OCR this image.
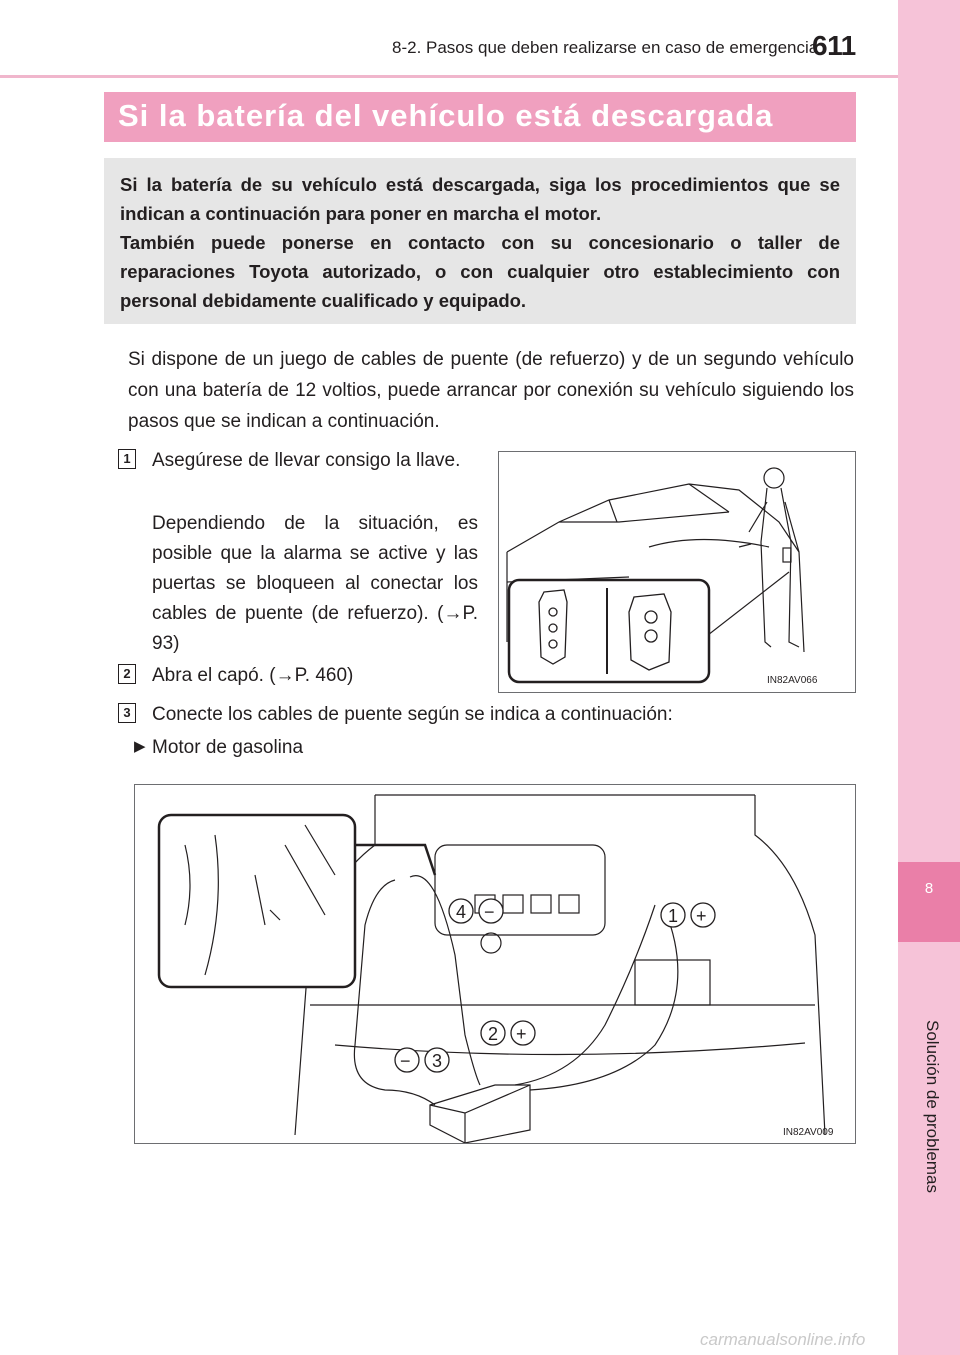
8-2. Pasos que deben realizarse en caso de emergencia
611
8
Solución de problemas
Si la batería del vehículo está descargada

Si la batería de su vehículo está descargada, siga los procedimientos que se indican a continuación para poner en marcha el motor.

También puede ponerse en contacto con su concesionario o taller de reparaciones Toyota autorizado, o con cualquier otro establecimiento con personal debidamente cualificado y equipado.

Si dispone de un juego de cables de puente (de refuerzo) y de un segundo vehículo con una batería de 12 voltios, puede arrancar por conexión su vehículo siguiendo los pasos que se indican a continuación.
1 Asegúrese de llevar consigo la llave.
Dependiendo de la situación, es posible que la alarma se active y las puertas se bloqueen al conectar los cables de puente (de refuerzo). (→P. 93)
2 Abra el capó. (→P. 460)
3 Conecte los cables de puente según se indica a continuación:
▶ Motor de gasolina
IN82AV066
1 +
2 +
− 3
4 −
IN82AV009
carmanualsonline.info
